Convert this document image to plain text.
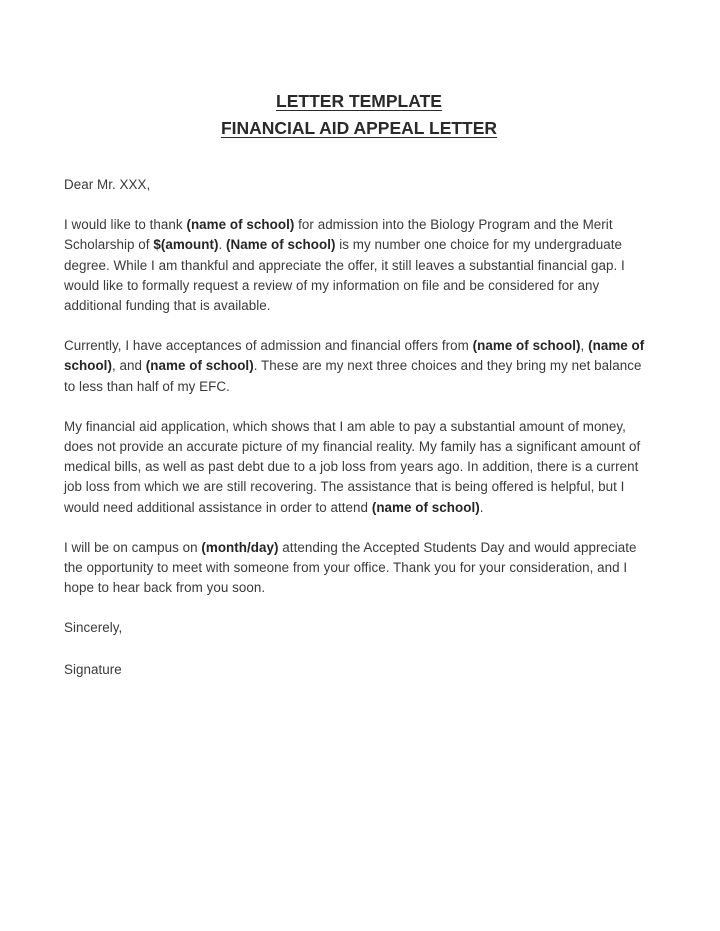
LETTER TEMPLATE
FINANCIAL AID APPEAL LETTER

Dear Mr. XXX,

I would like to thank (name of school) for admission into the Biology Program and the Merit Scholarship of $(amount). (Name of school) is my number one choice for my undergraduate degree. While I am thankful and appreciate the offer, it still leaves a substantial financial gap. I would like to formally request a review of my information on file and be considered for any additional funding that is available.

Currently, I have acceptances of admission and financial offers from (name of school), (name of school), and (name of school). These are my next three choices and they bring my net balance to less than half of my EFC.

My financial aid application, which shows that I am able to pay a substantial amount of money, does not provide an accurate picture of my financial reality. My family has a significant amount of medical bills, as well as past debt due to a job loss from years ago. In addition, there is a current job loss from which we are still recovering. The assistance that is being offered is helpful, but I would need additional assistance in order to attend (name of school).

I will be on campus on (month/day) attending the Accepted Students Day and would appreciate the opportunity to meet with someone from your office. Thank you for your consideration, and I hope to hear back from you soon.

Sincerely,

Signature
